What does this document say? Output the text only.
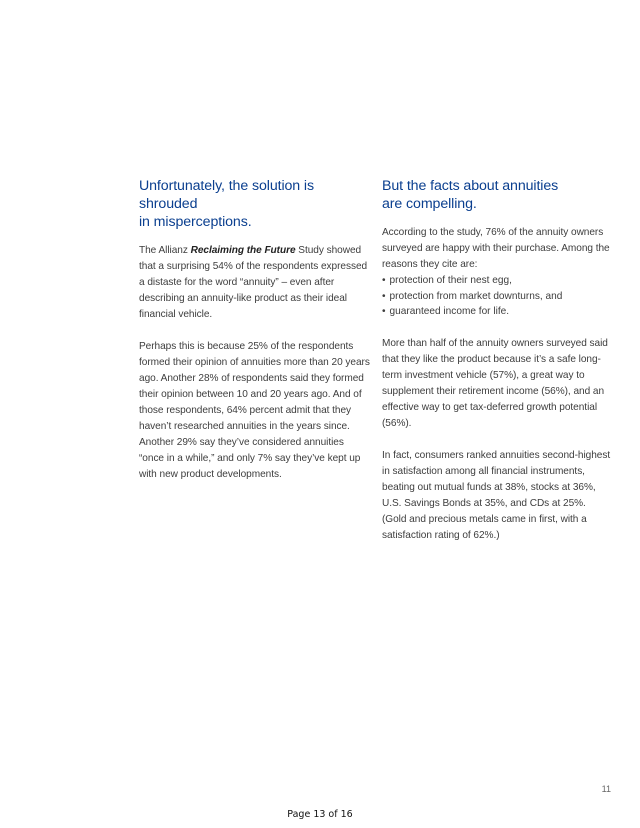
Unfortunately, the solution is shrouded
in misperceptions.

The Allianz Reclaiming the Future Study showed that a surprising 54% of the respondents expressed a distaste for the word “annuity” – even after describing an annuity-like product as their ideal financial vehicle.

Perhaps this is because 25% of the respondents formed their opinion of annuities more than 20 years ago. Another 28% of respondents said they formed their opinion between 10 and 20 years ago. And of those respondents, 64% percent admit that they haven’t researched annuities in the years since. Another 29% say they’ve considered annuities “once in a while,” and only 7% say they’ve kept up with new product developments.

But the facts about annuities
are compelling.

According to the study, 76% of the annuity owners surveyed are happy with their purchase. Among the reasons they cite are:

• protection of their nest egg,
• protection from market downturns, and
• guaranteed income for life.

More than half of the annuity owners surveyed said that they like the product because it’s a safe long-term investment vehicle (57%), a great way to supplement their retirement income (56%), and an effective way to get tax-deferred growth potential (56%).

In fact, consumers ranked annuities second-highest in satisfaction among all financial instruments, beating out mutual funds at 38%, stocks at 36%, U.S. Savings Bonds at 35%, and CDs at 25%. (Gold and precious metals came in first, with a satisfaction rating of 62%.)

11
Page 13 of 16
